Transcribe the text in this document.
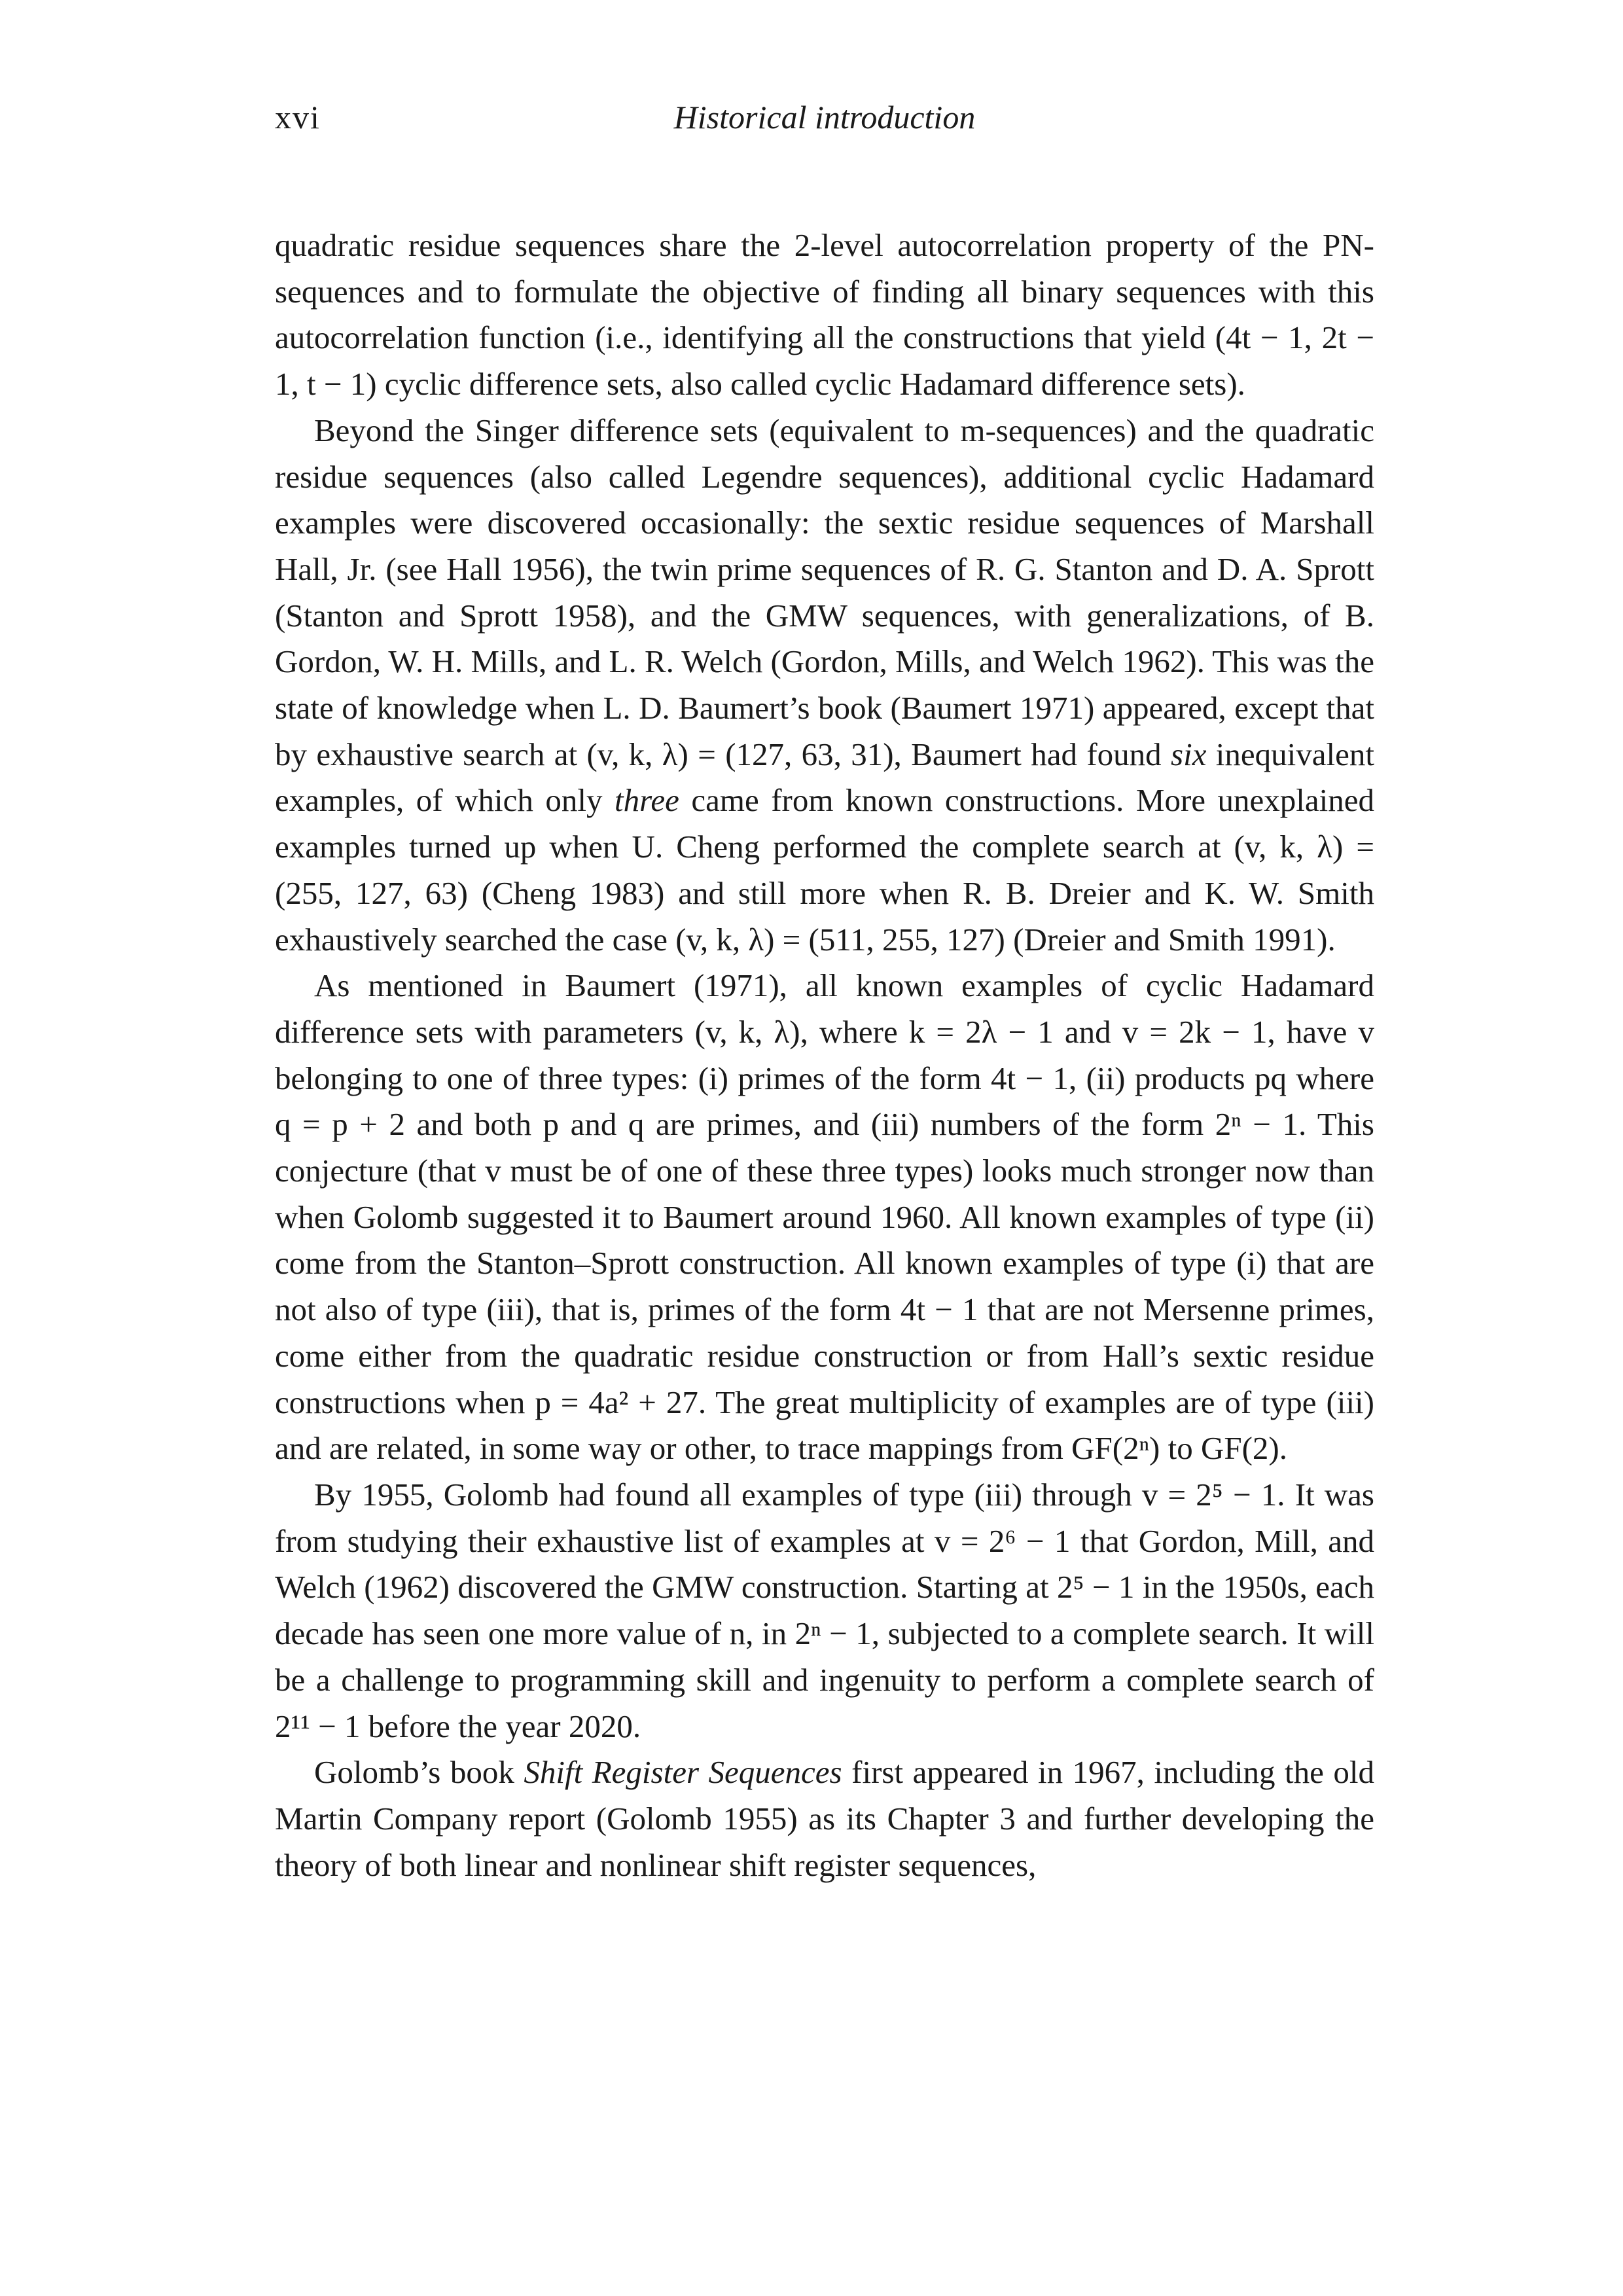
xvi	Historical introduction

quadratic residue sequences share the 2-level autocorrelation property of the PN-sequences and to formulate the objective of finding all binary sequences with this autocorrelation function (i.e., identifying all the constructions that yield (4t − 1, 2t − 1, t − 1) cyclic difference sets, also called cyclic Hadamard difference sets).

Beyond the Singer difference sets (equivalent to m-sequences) and the quadratic residue sequences (also called Legendre sequences), additional cyclic Hadamard examples were discovered occasionally: the sextic residue sequences of Marshall Hall, Jr. (see Hall 1956), the twin prime sequences of R. G. Stanton and D. A. Sprott (Stanton and Sprott 1958), and the GMW sequences, with generalizations, of B. Gordon, W. H. Mills, and L. R. Welch (Gordon, Mills, and Welch 1962). This was the state of knowledge when L. D. Baumert’s book (Baumert 1971) appeared, except that by exhaustive search at (v, k, λ) = (127, 63, 31), Baumert had found six inequivalent examples, of which only three came from known constructions. More unexplained examples turned up when U. Cheng performed the complete search at (v, k, λ) = (255, 127, 63) (Cheng 1983) and still more when R. B. Dreier and K. W. Smith exhaustively searched the case (v, k, λ) = (511, 255, 127) (Dreier and Smith 1991).

As mentioned in Baumert (1971), all known examples of cyclic Hadamard difference sets with parameters (v, k, λ), where k = 2λ − 1 and v = 2k − 1, have v belonging to one of three types: (i) primes of the form 4t − 1, (ii) products pq where q = p + 2 and both p and q are primes, and (iii) numbers of the form 2ⁿ − 1. This conjecture (that v must be of one of these three types) looks much stronger now than when Golomb suggested it to Baumert around 1960. All known examples of type (ii) come from the Stanton–Sprott construction. All known examples of type (i) that are not also of type (iii), that is, primes of the form 4t − 1 that are not Mersenne primes, come either from the quadratic residue construction or from Hall’s sextic residue constructions when p = 4a² + 27. The great multiplicity of examples are of type (iii) and are related, in some way or other, to trace mappings from GF(2ⁿ) to GF(2).

By 1955, Golomb had found all examples of type (iii) through v = 2⁵ − 1. It was from studying their exhaustive list of examples at v = 2⁶ − 1 that Gordon, Mill, and Welch (1962) discovered the GMW construction. Starting at 2⁵ − 1 in the 1950s, each decade has seen one more value of n, in 2ⁿ − 1, subjected to a complete search. It will be a challenge to programming skill and ingenuity to perform a complete search of 2¹¹ − 1 before the year 2020.

Golomb’s book Shift Register Sequences first appeared in 1967, including the old Martin Company report (Golomb 1955) as its Chapter 3 and further developing the theory of both linear and nonlinear shift register sequences,
